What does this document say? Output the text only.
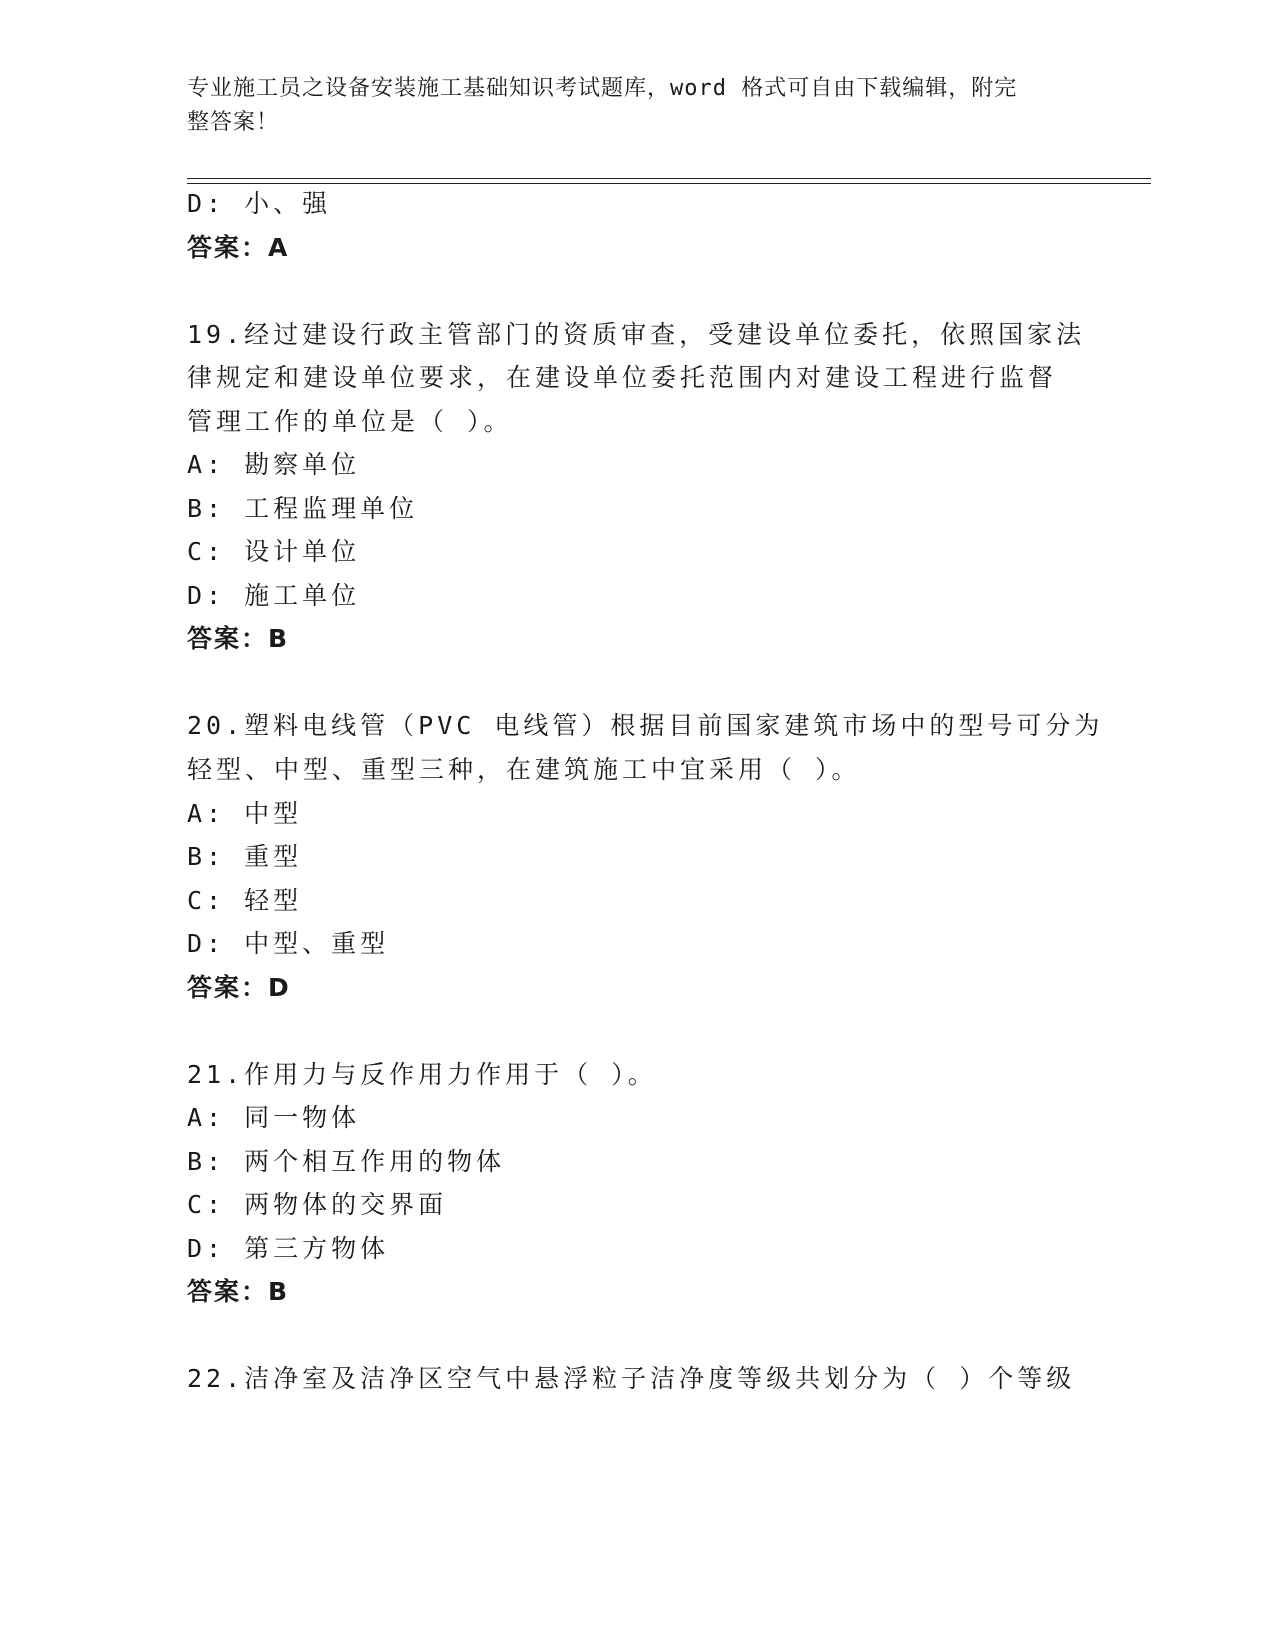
专业施工员之设备安装施工基础知识考试题库，word 格式可自由下载编辑，附完
整答案！
D: 小、强
答案：A
19.经过建设行政主管部门的资质审查，受建设单位委托，依照国家法
律规定和建设单位要求，在建设单位委托范围内对建设工程进行监督
管理工作的单位是（ ）。
A: 勘察单位
B: 工程监理单位
C: 设计单位
D: 施工单位
答案：B
20.塑料电线管（PVC 电线管）根据目前国家建筑市场中的型号可分为
轻型、中型、重型三种，在建筑施工中宜采用（ ）。
A: 中型
B: 重型
C: 轻型
D: 中型、重型
答案：D
21.作用力与反作用力作用于（ ）。
A: 同一物体
B: 两个相互作用的物体
C: 两物体的交界面
D: 第三方物体
答案：B
22.洁净室及洁净区空气中悬浮粒子洁净度等级共划分为（ ）个等级
